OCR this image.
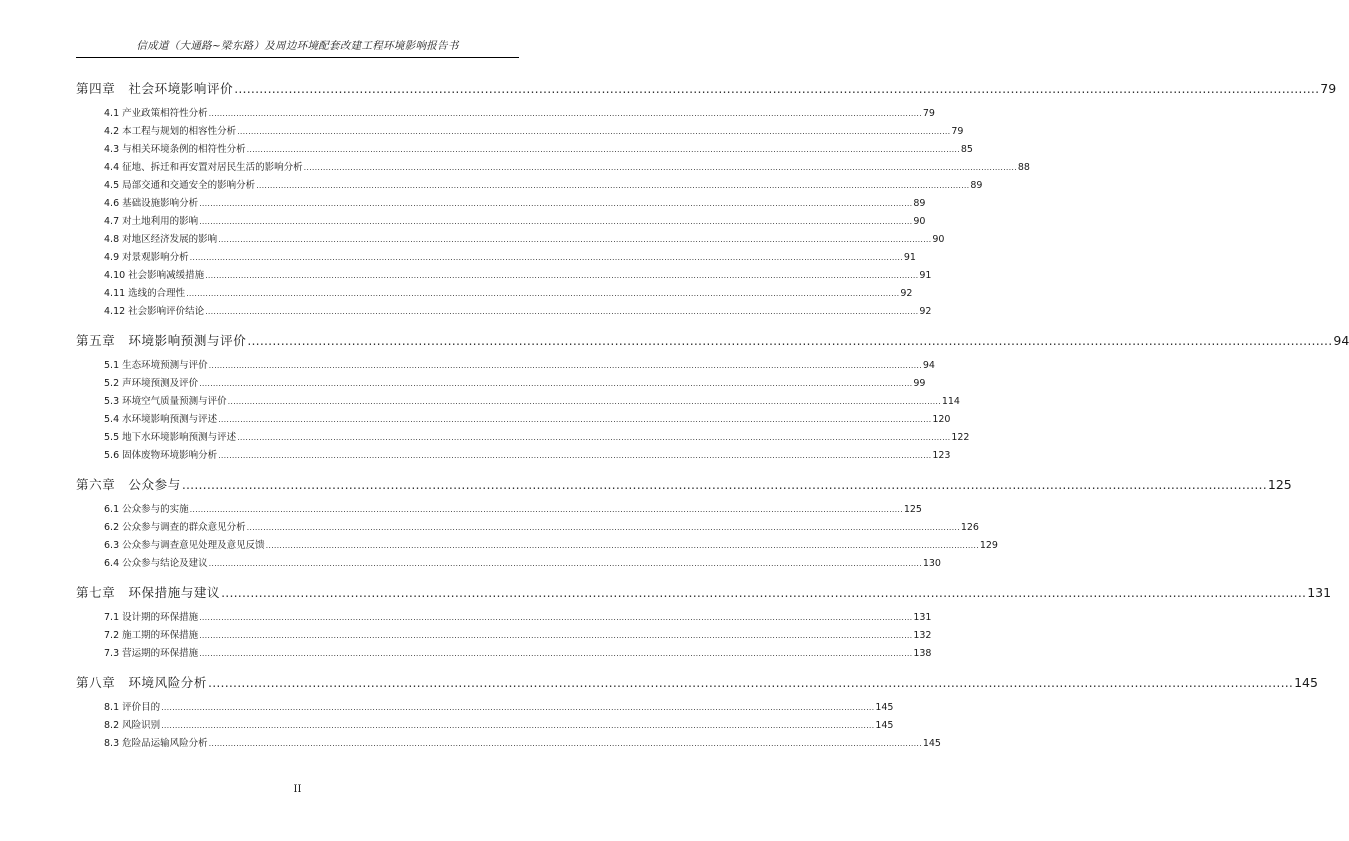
信成道（大通路~梁东路）及周边环境配套改建工程环境影响报告书
第四章　社会环境影响评价 .................................................................................................................................................................................................................................................................... 79
4.1 产业政策相符性分析 .................................................................................................................................................................................................................................................................... 79
4.2 本工程与规划的相容性分析 .................................................................................................................................................................................................................................................................... 79
4.3 与相关环境条例的相符性分析 .................................................................................................................................................................................................................................................................... 85
4.4 征地、拆迁和再安置对居民生活的影响分析 .................................................................................................................................................................................................................................................................... 88
4.5 局部交通和交通安全的影响分析 .................................................................................................................................................................................................................................................................... 89
4.6 基础设施影响分析 .................................................................................................................................................................................................................................................................... 89
4.7 对土地利用的影响 .................................................................................................................................................................................................................................................................... 90
4.8 对地区经济发展的影响 .................................................................................................................................................................................................................................................................... 90
4.9 对景观影响分析 .................................................................................................................................................................................................................................................................... 91
4.10 社会影响减缓措施 .................................................................................................................................................................................................................................................................... 91
4.11 选线的合理性 .................................................................................................................................................................................................................................................................... 92
4.12 社会影响评价结论 .................................................................................................................................................................................................................................................................... 92
第五章　环境影响预测与评价 .................................................................................................................................................................................................................................................................... 94
5.1 生态环境预测与评价 .................................................................................................................................................................................................................................................................... 94
5.2 声环境预测及评价 .................................................................................................................................................................................................................................................................... 99
5.3 环境空气质量预测与评价 .................................................................................................................................................................................................................................................................... 114
5.4 水环境影响预测与评述 .................................................................................................................................................................................................................................................................... 120
5.5 地下水环境影响预测与评述 .................................................................................................................................................................................................................................................................... 122
5.6 固体废物环境影响分析 .................................................................................................................................................................................................................................................................... 123
第六章　公众参与 .................................................................................................................................................................................................................................................................... 125
6.1 公众参与的实施 .................................................................................................................................................................................................................................................................... 125
6.2 公众参与调查的群众意见分析 .................................................................................................................................................................................................................................................................... 126
6.3 公众参与调查意见处理及意见反馈 .................................................................................................................................................................................................................................................................... 129
6.4 公众参与结论及建议 .................................................................................................................................................................................................................................................................... 130
第七章　环保措施与建议 .................................................................................................................................................................................................................................................................... 131
7.1 设计期的环保措施 .................................................................................................................................................................................................................................................................... 131
7.2 施工期的环保措施 .................................................................................................................................................................................................................................................................... 132
7.3 营运期的环保措施 .................................................................................................................................................................................................................................................................... 138
第八章　环境风险分析 .................................................................................................................................................................................................................................................................... 145
8.1 评价目的 .................................................................................................................................................................................................................................................................... 145
8.2 风险识别 .................................................................................................................................................................................................................................................................... 145
8.3 危险品运输风险分析 .................................................................................................................................................................................................................................................................... 145
II
